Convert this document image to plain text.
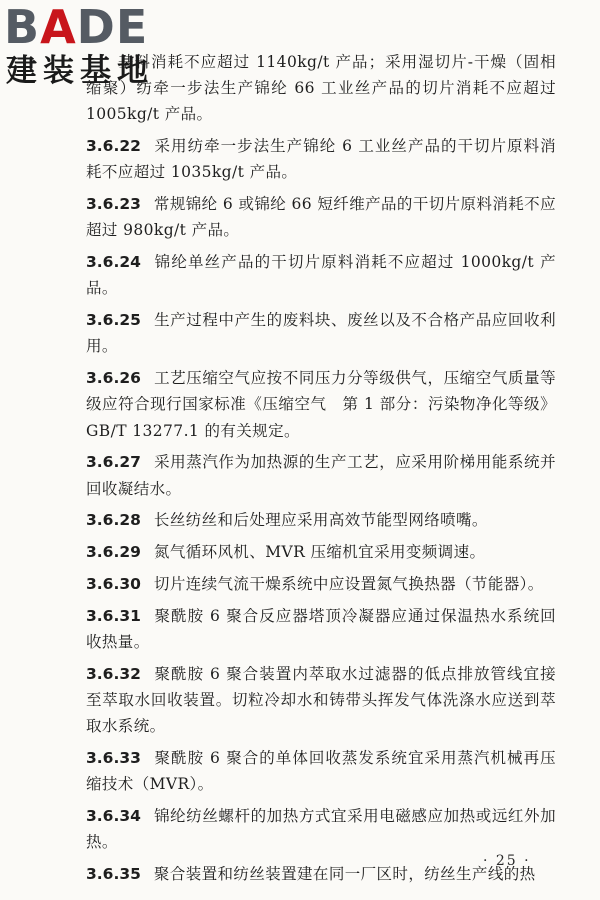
BADE
建装基地

基料消耗不应超过 1140kg/t 产品；采用湿切片-干燥（固相缩聚）纺牵一步法生产锦纶 66 工业丝产品的切片消耗不应超过 1005kg/t 产品。

3.6.22 采用纺牵一步法生产锦纶 6 工业丝产品的干切片原料消耗不应超过 1035kg/t 产品。

3.6.23 常规锦纶 6 或锦纶 66 短纤维产品的干切片原料消耗不应超过 980kg/t 产品。

3.6.24 锦纶单丝产品的干切片原料消耗不应超过 1000kg/t 产品。

3.6.25 生产过程中产生的废料块、废丝以及不合格产品应回收利用。

3.6.26 工艺压缩空气应按不同压力分等级供气，压缩空气质量等级应符合现行国家标准《压缩空气　第 1 部分：污染物净化等级》GB/T 13277.1 的有关规定。

3.6.27 采用蒸汽作为加热源的生产工艺，应采用阶梯用能系统并回收凝结水。

3.6.28 长丝纺丝和后处理应采用高效节能型网络喷嘴。

3.6.29 氮气循环风机、MVR 压缩机宜采用变频调速。

3.6.30 切片连续气流干燥系统中应设置氮气换热器（节能器）。

3.6.31 聚酰胺 6 聚合反应器塔顶冷凝器应通过保温热水系统回收热量。

3.6.32 聚酰胺 6 聚合装置内萃取水过滤器的低点排放管线宜接至萃取水回收装置。切粒冷却水和铸带头挥发气体洗涤水应送到萃取水系统。

3.6.33 聚酰胺 6 聚合的单体回收蒸发系统宜采用蒸汽机械再压缩技术（MVR）。

3.6.34 锦纶纺丝螺杆的加热方式宜采用电磁感应加热或远红外加热。

3.6.35 聚合装置和纺丝装置建在同一厂区时，纺丝生产线的热

· 25 ·
